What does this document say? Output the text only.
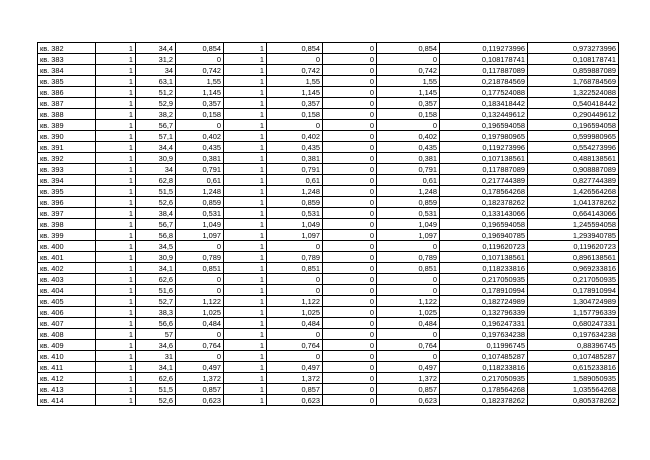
кв. 382	1	34,4	0,854	1	0,854	0	0,854	0,119273996	0,973273996
кв. 383	1	31,2	0	1	0	0	0	0,108178741	0,108178741
кв. 384	1	34	0,742	1	0,742	0	0,742	0,117887089	0,859887089
кв. 385	1	63,1	1,55	1	1,55	0	1,55	0,218784569	1,768784569
кв. 386	1	51,2	1,145	1	1,145	0	1,145	0,177524088	1,322524088
кв. 387	1	52,9	0,357	1	0,357	0	0,357	0,183418442	0,540418442
кв. 388	1	38,2	0,158	1	0,158	0	0,158	0,132449612	0,290449612
кв. 389	1	56,7	0	1	0	0	0	0,196594058	0,196594058
кв. 390	1	57,1	0,402	1	0,402	0	0,402	0,197980965	0,599980965
кв. 391	1	34,4	0,435	1	0,435	0	0,435	0,119273996	0,554273996
кв. 392	1	30,9	0,381	1	0,381	0	0,381	0,107138561	0,488138561
кв. 393	1	34	0,791	1	0,791	0	0,791	0,117887089	0,908887089
кв. 394	1	62,8	0,61	1	0,61	0	0,61	0,217744389	0,827744389
кв. 395	1	51,5	1,248	1	1,248	0	1,248	0,178564268	1,426564268
кв. 396	1	52,6	0,859	1	0,859	0	0,859	0,182378262	1,041378262
кв. 397	1	38,4	0,531	1	0,531	0	0,531	0,133143066	0,664143066
кв. 398	1	56,7	1,049	1	1,049	0	1,049	0,196594058	1,245594058
кв. 399	1	56,8	1,097	1	1,097	0	1,097	0,196940785	1,293940785
кв. 400	1	34,5	0	1	0	0	0	0,119620723	0,119620723
кв. 401	1	30,9	0,789	1	0,789	0	0,789	0,107138561	0,896138561
кв. 402	1	34,1	0,851	1	0,851	0	0,851	0,118233816	0,969233816
кв. 403	1	62,6	0	1	0	0	0	0,217050935	0,217050935
кв. 404	1	51,6	0	1	0	0	0	0,178910994	0,178910994
кв. 405	1	52,7	1,122	1	1,122	0	1,122	0,182724989	1,304724989
кв. 406	1	38,3	1,025	1	1,025	0	1,025	0,132796339	1,157796339
кв. 407	1	56,6	0,484	1	0,484	0	0,484	0,196247331	0,680247331
кв. 408	1	57	0	1	0	0	0	0,197634238	0,197634238
кв. 409	1	34,6	0,764	1	0,764	0	0,764	0,11996745	0,88396745
кв. 410	1	31	0	1	0	0	0	0,107485287	0,107485287
кв. 411	1	34,1	0,497	1	0,497	0	0,497	0,118233816	0,615233816
кв. 412	1	62,6	1,372	1	1,372	0	1,372	0,217050935	1,589050935
кв. 413	1	51,5	0,857	1	0,857	0	0,857	0,178564268	1,035564268
кв. 414	1	52,6	0,623	1	0,623	0	0,623	0,182378262	0,805378262
